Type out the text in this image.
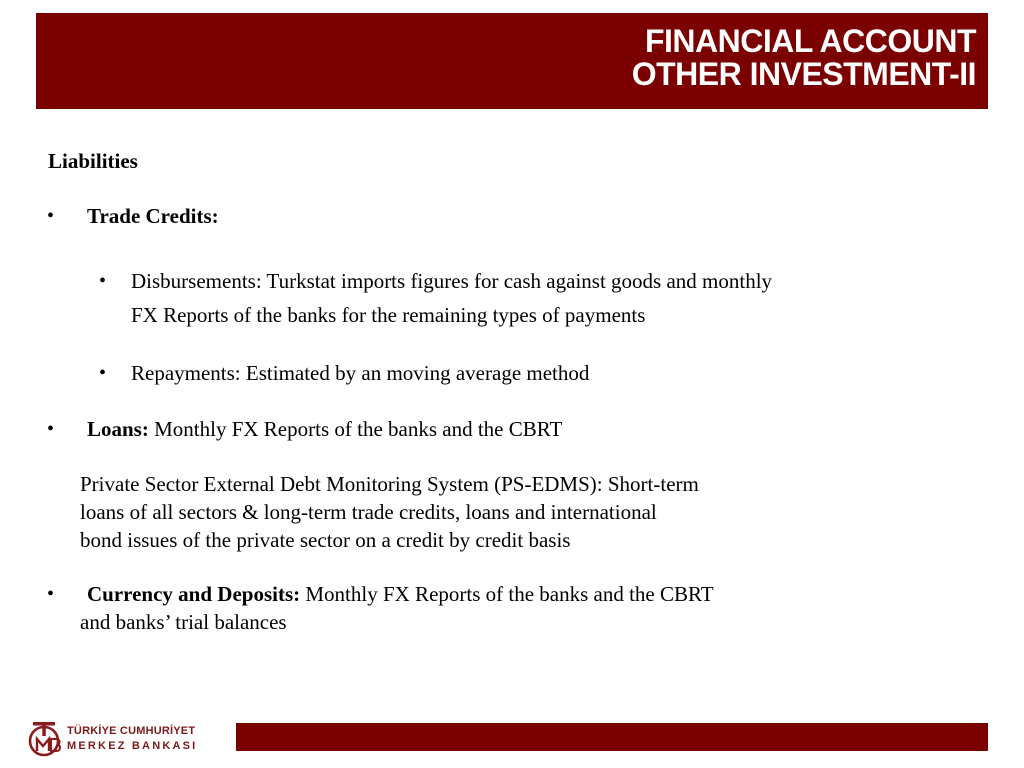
FINANCIAL ACCOUNT
OTHER INVESTMENT-II
Liabilities
• Trade Credits:
• Disbursements: Turkstat imports figures for cash against goods and monthly
FX Reports of the banks for the remaining types of payments
• Repayments: Estimated by an moving average method
• Loans: Monthly FX Reports of the banks and the CBRT
Private Sector External Debt Monitoring System (PS-EDMS): Short-term
loans of all sectors & long-term trade credits, loans and international
bond issues of the private sector on a credit by credit basis
• Currency and Deposits: Monthly FX Reports of the banks and the CBRT
and banks’ trial balances
TÜRKİYE CUMHURİYET
MERKEZ BANKASI
